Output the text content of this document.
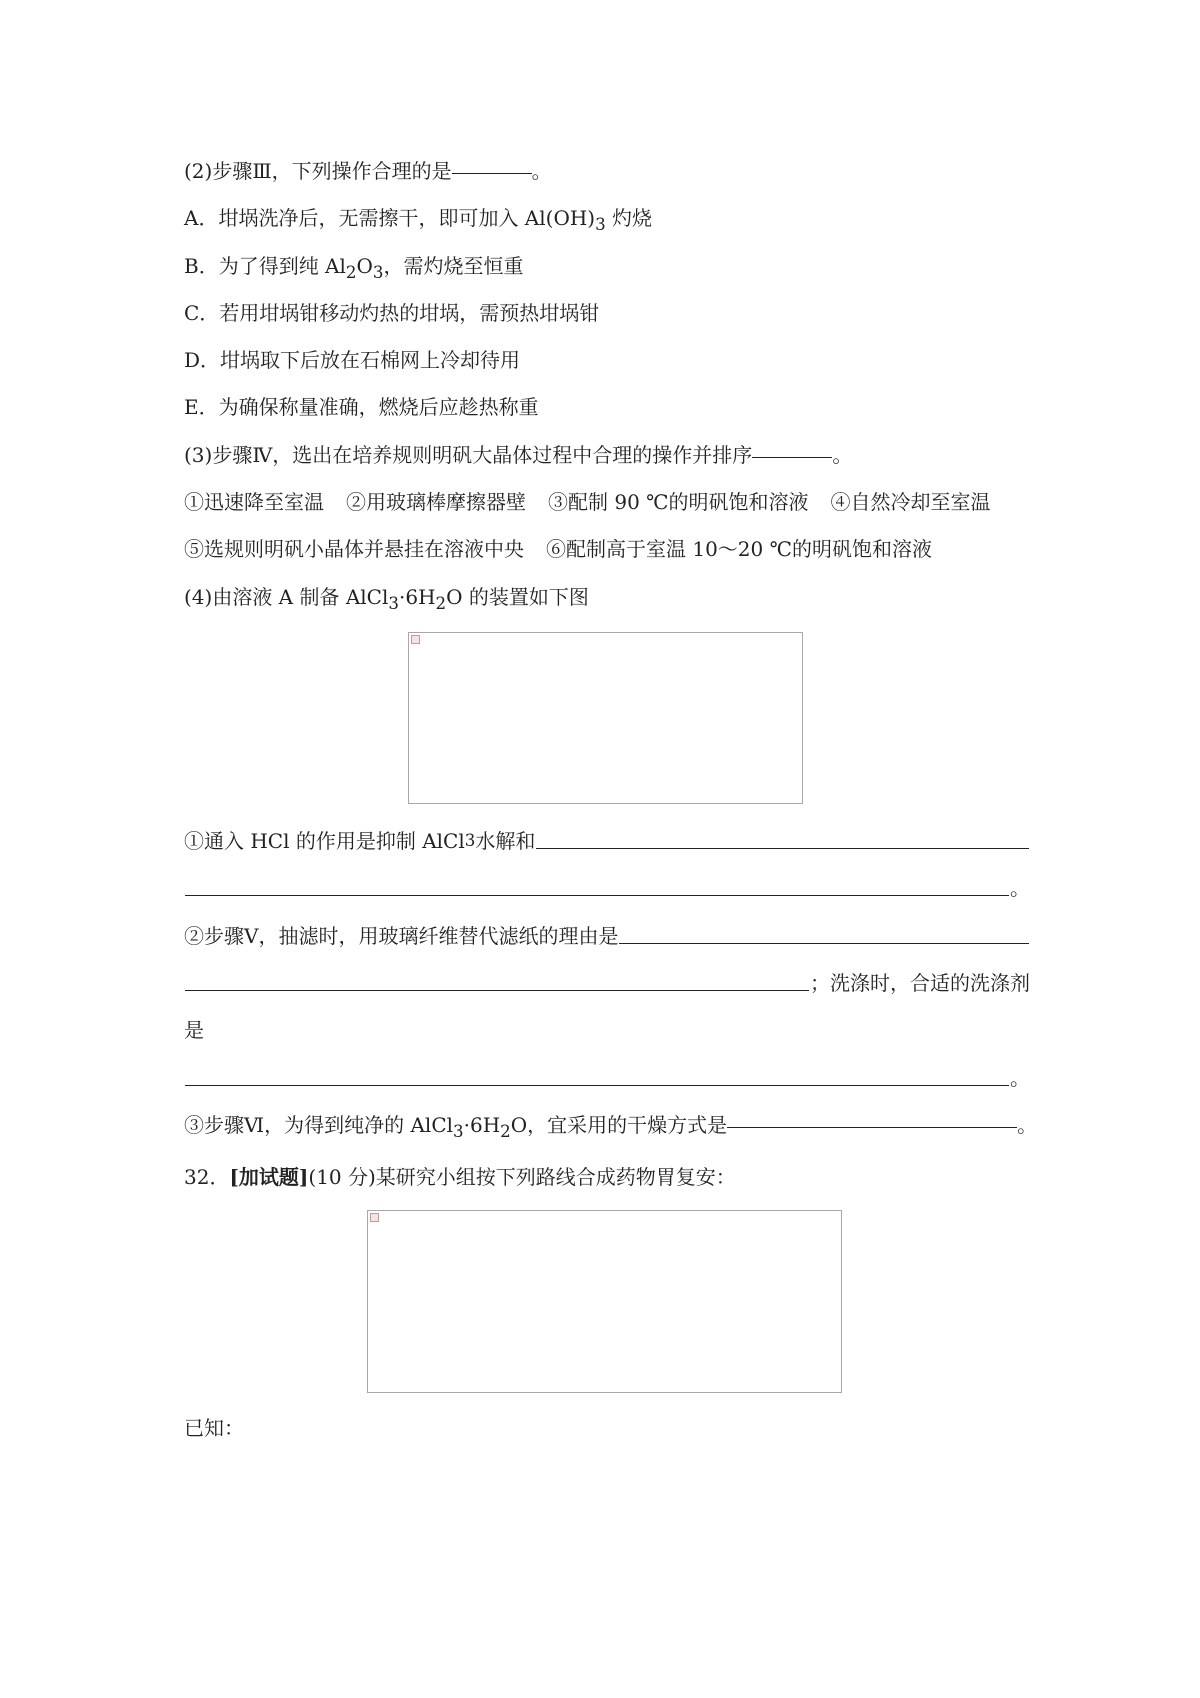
(2)步骤Ⅲ，下列操作合理的是	。
A．坩埚洗净后，无需擦干，即可加入 $Al(OH)_3$ 灼烧
B．为了得到纯 $Al_2O_3$，需灼烧至恒重
C．若用坩埚钳移动灼热的坩埚，需预热坩埚钳
D．坩埚取下后放在石棉网上冷却待用
E．为确保称量准确，燃烧后应趁热称重
(3)步骤Ⅳ，选出在培养规则明矾大晶体过程中合理的操作并排序	。
①迅速降至室温 ②用玻璃棒摩擦器壁 ③配制 90 ℃的明矾饱和溶液 ④自然冷却至室温
⑤选规则明矾小晶体并悬挂在溶液中央 ⑥配制高于室温 10～20 ℃的明矾饱和溶液
(4)由溶液 A 制备 $AlCl_3\cdot 6H_2O$ 的装置如下图
①通入 HCl 的作用是抑制 AlCl 3 水解和
。
②步骤Ⅴ，抽滤时，用玻璃纤维替代滤纸的理由是
；洗涤时，合适的洗涤剂
是
。
③步骤Ⅵ，为得到纯净的 $AlCl_3\cdot 6H_2O$，宜采用的干燥方式是	。
32．[加试题](10 分)某研究小组按下列路线合成药物胃复安：
已知：
